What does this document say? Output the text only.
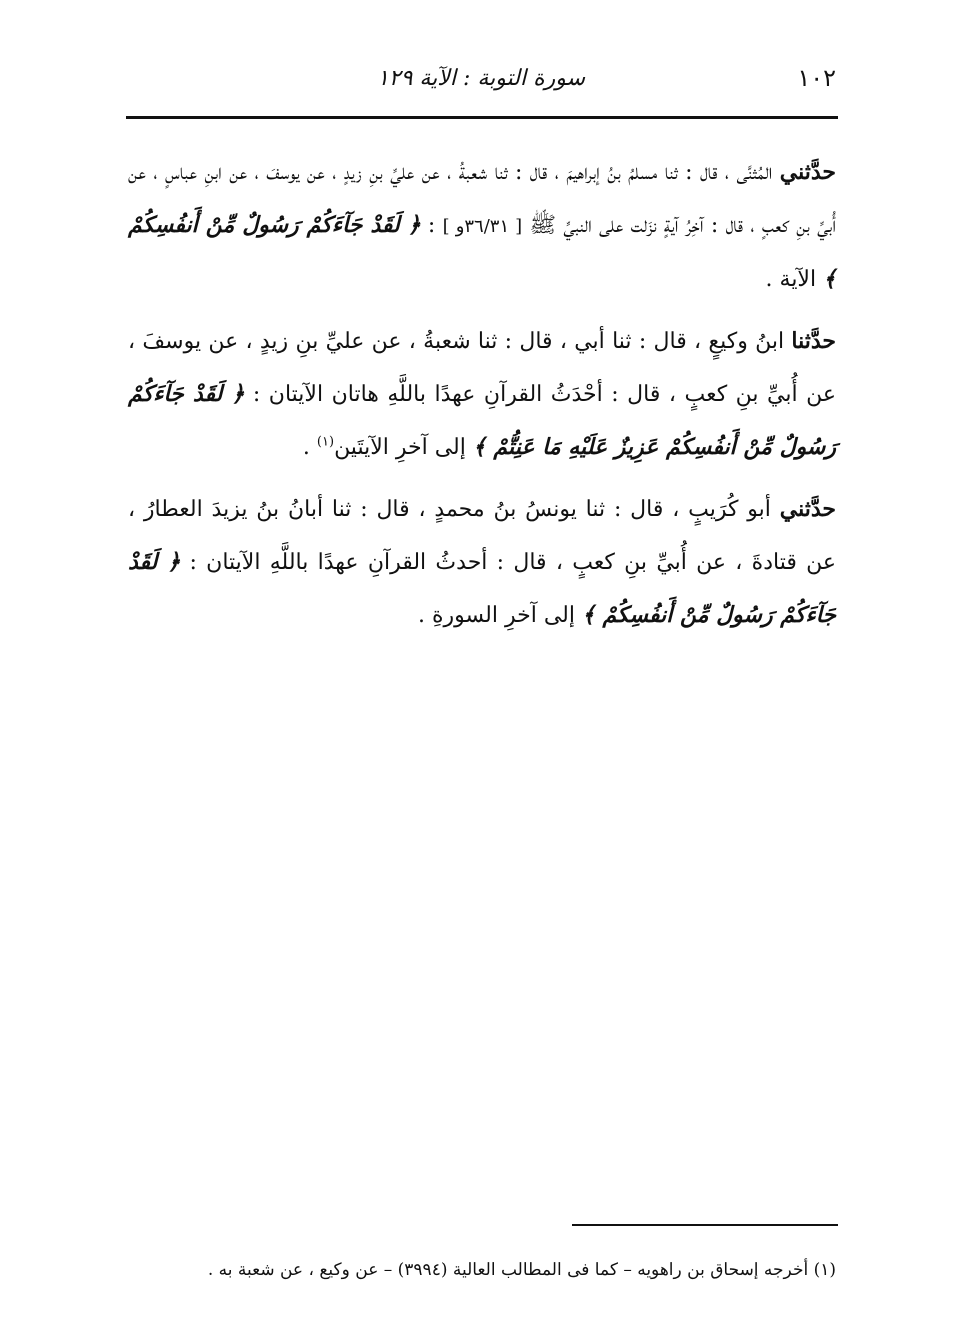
١٠٢
سورة التوبة : الآية ١٢٩

حدَّثني المُثنَّى ، قال : ثنا مسلمُ بنُ إبراهيمَ ، قال : ثنا شعبةُ ، عن عليِّ بنِ زيدٍ ، عن يوسفَ ، عن ابنِ عباسٍ ، عن أُبيِّ بنِ كعبٍ ، قال : آخِرُ آيةٍ نزَلت على النبيِّ ﷺ [ ٣٦/٣١و ] : ﴿ لَقَدْ جَآءَكُمْ رَسُولٌ مِّنْ أَنفُسِكُمْ ﴾ الآية .

حدَّثنا ابنُ وكيعٍ ، قال : ثنا أبي ، قال : ثنا شعبةُ ، عن عليِّ بنِ زيدٍ ، عن يوسفَ ، عن أُبيِّ بنِ كعبٍ ، قال : أحْدَثُ القرآنِ عهدًا باللَّهِ هاتان الآيتان : ﴿ لَقَدْ جَآءَكُمْ رَسُولٌ مِّنْ أَنفُسِكُمْ عَزِيزٌ عَلَيْهِ مَا عَنِتُّمْ ﴾ إلى آخرِ الآيتَين$^{(١)}$ .

حدَّثني أبو كُرَيبٍ ، قال : ثنا يونسُ بنُ محمدٍ ، قال : ثنا أبانُ بنُ يزيدَ العطارُ ، عن قتادةَ ، عن أُبيِّ بنِ كعبٍ ، قال : أحدثُ القرآنِ عهدًا باللَّهِ الآيتان : ﴿ لَقَدْ جَآءَكُمْ رَسُولٌ مِّنْ أَنفُسِكُمْ ﴾ إلى آخرِ السورةِ .

(١) أخرجه إسحاق بن راهويه – كما فى المطالب العالية (٣٩٩٤) – عن وكيع ، عن شعبة به .
